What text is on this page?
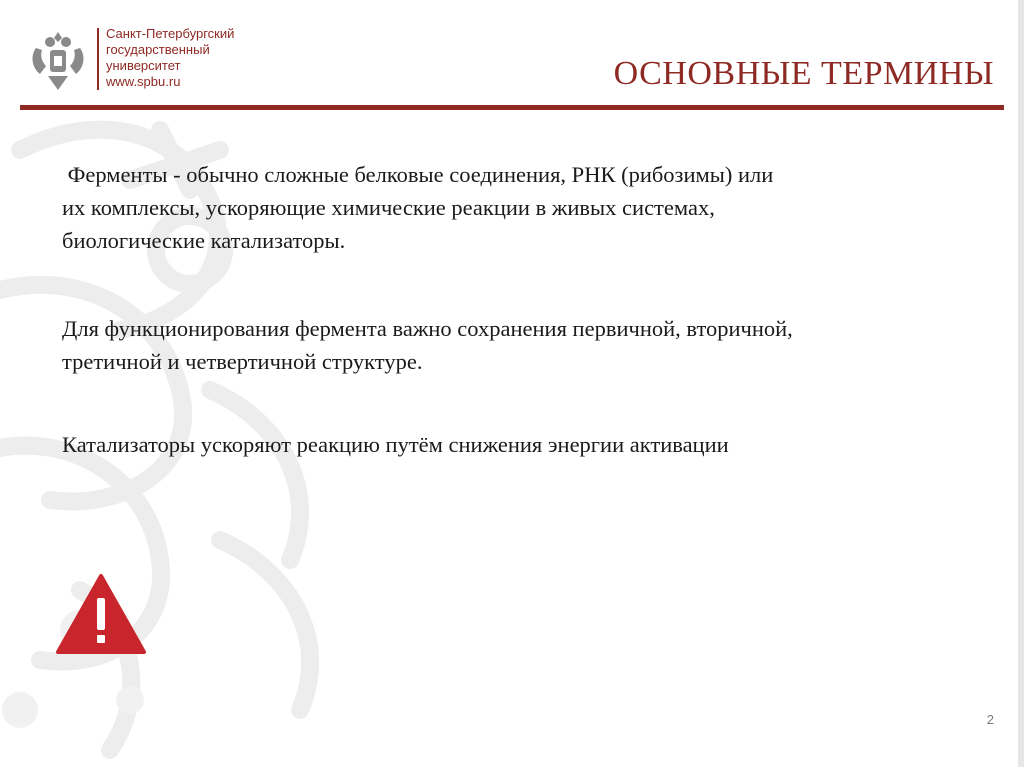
Санкт-Петербургский
государственный
университет
www.spbu.ru	ОСНОВНЫЕ ТЕРМИНЫ
Ферменты - обычно сложные белковые соединения, РНК (рибозимы) или
их комплексы, ускоряющие химические реакции в живых системах,
биологические катализаторы.
Для функционирования фермента важно сохранения первичной, вторичной,
третичной и четвертичной структуре.
Катализаторы ускоряют реакцию путём снижения энергии активации
2
